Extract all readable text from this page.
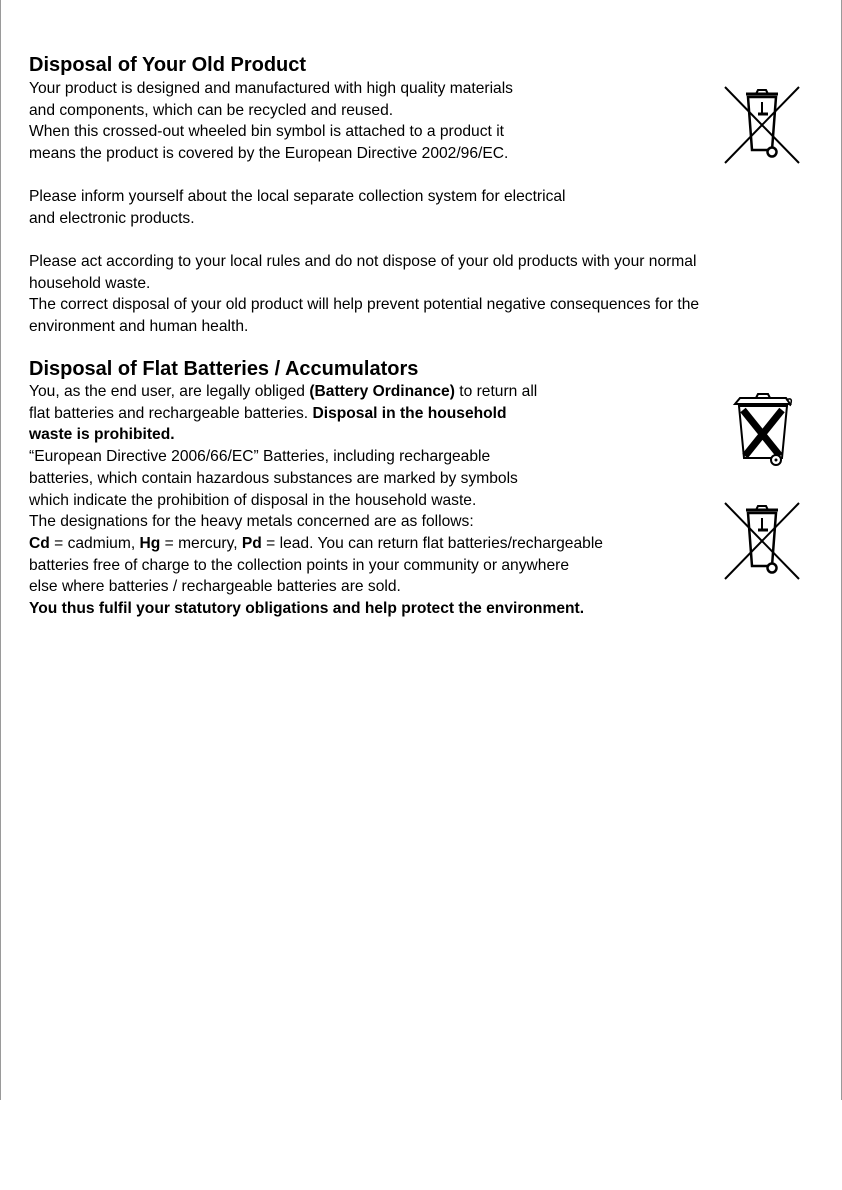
Disposal of Your Old Product

Your product is designed and manufactured with high quality materials
and components, which can be recycled and reused.
When this crossed-out wheeled bin symbol is attached to a product it
means the product is covered by the European Directive 2002/96/EC.

Please inform yourself about the local separate collection system for electrical
and electronic products.

Please act according to your local rules and do not dispose of your old products with your normal
household waste.
The correct disposal of your old product will help prevent potential negative consequences for the
environment and human health.

Disposal of Flat Batteries / Accumulators

You, as the end user, are legally obliged (Battery Ordinance) to return all
flat batteries and rechargeable batteries. Disposal in the household
waste is prohibited.
“European Directive 2006/66/EC” Batteries, including rechargeable
batteries, which contain hazardous substances are marked by symbols
which indicate the prohibition of disposal in the household waste.
The designations for the heavy metals concerned are as follows:
Cd = cadmium, Hg = mercury, Pd = lead. You can return flat batteries/rechargeable
batteries free of charge to the collection points in your community or anywhere
else where batteries / rechargeable batteries are sold.
You thus fulfil your statutory obligations and help protect the environment.
